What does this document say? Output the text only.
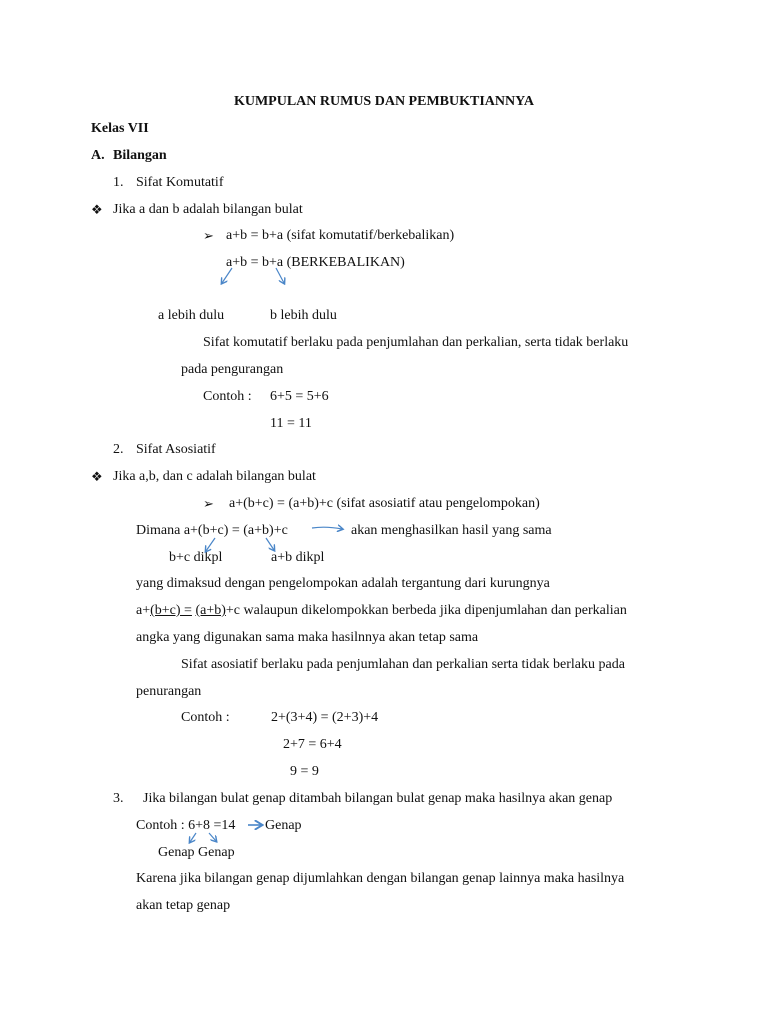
KUMPULAN RUMUS DAN PEMBUKTIANNYA
Kelas VII
A. Bilangan
1. Sifat Komutatif
❖ Jika a dan b adalah bilangan bulat
➢ a+b = b+a (sifat komutatif/berkebalikan)
a+b = b+a (BERKEBALIKAN)
a lebih dulu	b lebih dulu
Sifat komutatif berlaku pada penjumlahan dan perkalian, serta tidak berlaku
pada pengurangan
Contoh : 6+5 = 5+6
11 = 11
2. Sifat Asosiatif
❖ Jika a,b, dan c adalah bilangan bulat
➢ a+(b+c) = (a+b)+c (sifat asosiatif atau pengelompokan)
Dimana a+(b+c) = (a+b)+c	akan menghasilkan hasil yang sama
b+c dikpl	a+b dikpl
yang dimaksud dengan pengelompokan adalah tergantung dari kurungnya
a+(b+c) = (a+b)+c walaupun dikelompokkan berbeda jika dipenjumlahan dan perkalian
angka yang digunakan sama maka hasilnnya akan tetap sama
Sifat asosiatif berlaku pada penjumlahan dan perkalian serta tidak berlaku pada
penurangan
Contoh :	2+(3+4) = (2+3)+4
2+7 = 6+4
9 = 9
3. Jika bilangan bulat genap ditambah bilangan bulat genap maka hasilnya akan genap
Contoh : 6+8 =14 Genap
Genap Genap
Karena jika bilangan genap dijumlahkan dengan bilangan genap lainnya maka hasilnya
akan tetap genap
